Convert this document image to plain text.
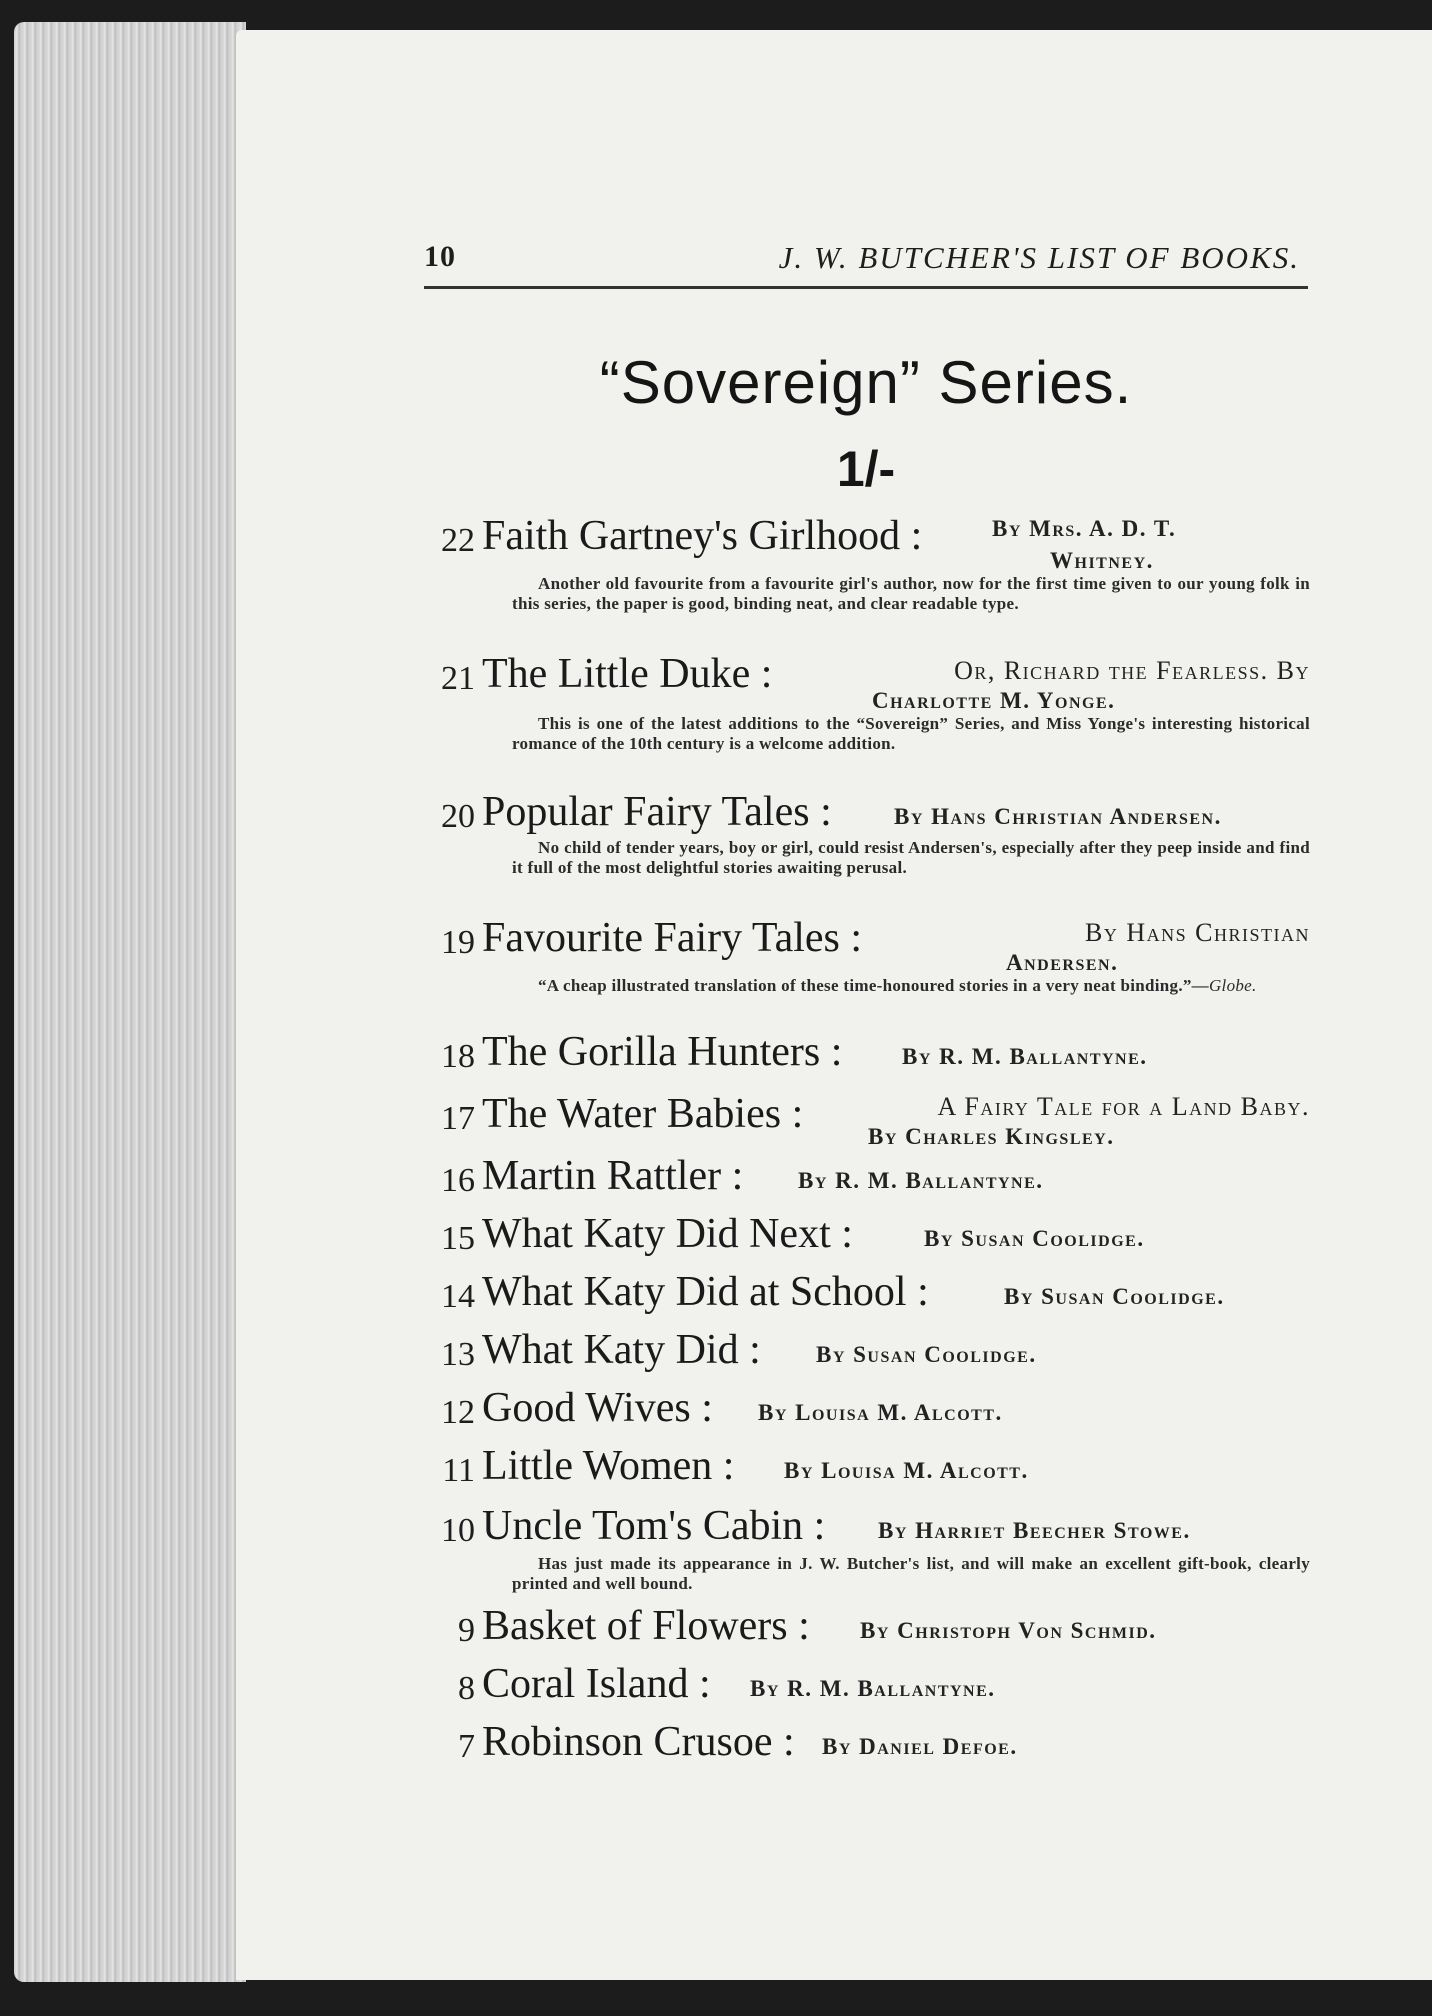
10	J. W. BUTCHER'S LIST OF BOOKS.
“Sovereign” Series.
1/-
22 Faith Gartney's Girlhood :	By Mrs. A. D. T.
Whitney.
Another old favourite from a favourite girl's author, now for the first time given to our young folk in this series, the paper is good, binding neat, and clear readable type.
21 The Little Duke :	Or, Richard the Fearless. By
Charlotte M. Yonge.
This is one of the latest additions to the “Sovereign” Series, and Miss Yonge's interesting historical romance of the 10th century is a welcome addition.
20 Popular Fairy Tales :	By Hans Christian Andersen.
No child of tender years, boy or girl, could resist Andersen's, especially after they peep inside and find it full of the most delightful stories awaiting perusal.
19 Favourite Fairy Tales :	By Hans Christian
Andersen.
“A cheap illustrated translation of these time-honoured stories in a very neat binding.”—Globe.
18 The Gorilla Hunters :	By R. M. Ballantyne.
17 The Water Babies :	A Fairy Tale for a Land Baby.
By Charles Kingsley.
16 Martin Rattler : By R. M. Ballantyne.
15 What Katy Did Next :	By Susan Coolidge.
14 What Katy Did at School :	By Susan Coolidge.
13 What Katy Did : By Susan Coolidge.
12 Good Wives : By Louisa M. Alcott.
11 Little Women : By Louisa M. Alcott.
10 Uncle Tom's Cabin : By Harriet Beecher Stowe.
Has just made its appearance in J. W. Butcher's list, and will make an excellent gift-book, clearly printed and well bound.
9 Basket of Flowers : By Christoph Von Schmid.
8 Coral Island : By R. M. Ballantyne.
7 Robinson Crusoe : By Daniel Defoe.
